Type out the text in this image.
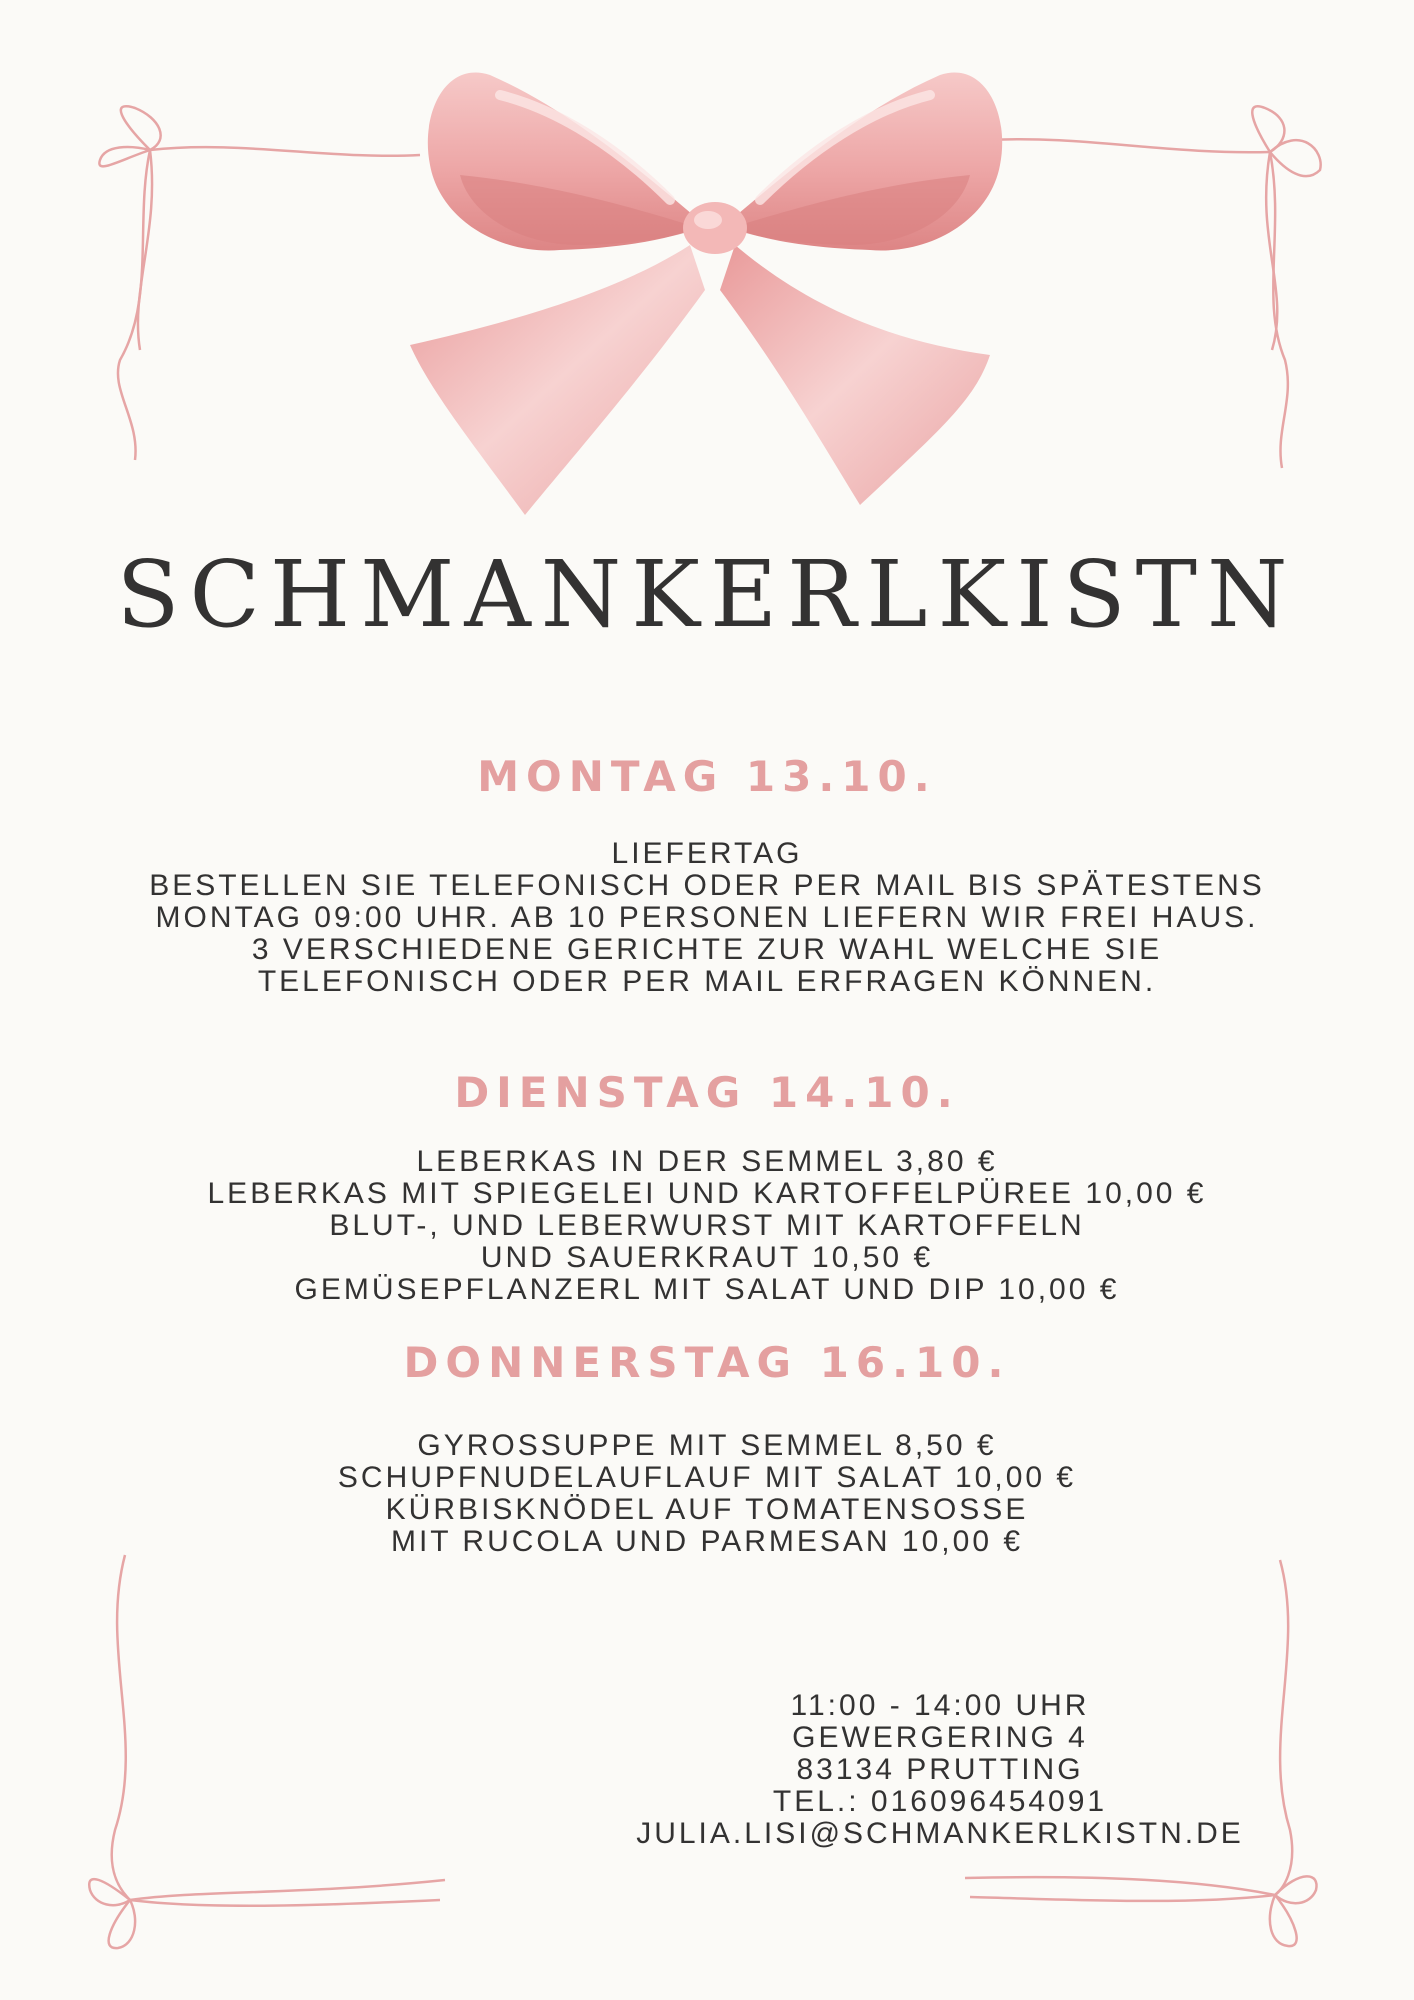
SCHMANKERLKISTN
MONTAG 13.10.
LIEFERTAG
BESTELLEN SIE TELEFONISCH ODER PER MAIL BIS SPÄTESTENS
MONTAG 09:00 UHR. AB 10 PERSONEN LIEFERN WIR FREI HAUS.
3 VERSCHIEDENE GERICHTE ZUR WAHL WELCHE SIE
TELEFONISCH ODER PER MAIL ERFRAGEN KÖNNEN.
DIENSTAG 14.10.
LEBERKAS IN DER SEMMEL 3,80 €
LEBERKAS MIT SPIEGELEI UND KARTOFFELPÜREE 10,00 €
BLUT-, UND LEBERWURST MIT KARTOFFELN
UND SAUERKRAUT 10,50 €
GEMÜSEPFLANZERL MIT SALAT UND DIP 10,00 €
DONNERSTAG 16.10.
GYROSSUPPE MIT SEMMEL 8,50 €
SCHUPFNUDELAUFLAUF MIT SALAT 10,00 €
KÜRBISKNÖDEL AUF TOMATENSOSSE
MIT RUCOLA UND PARMESAN 10,00 €
11:00 - 14:00 UHR
GEWERGERING 4
83134 PRUTTING
TEL.: 016096454091
JULIA.LISI@SCHMANKERLKISTN.DE
